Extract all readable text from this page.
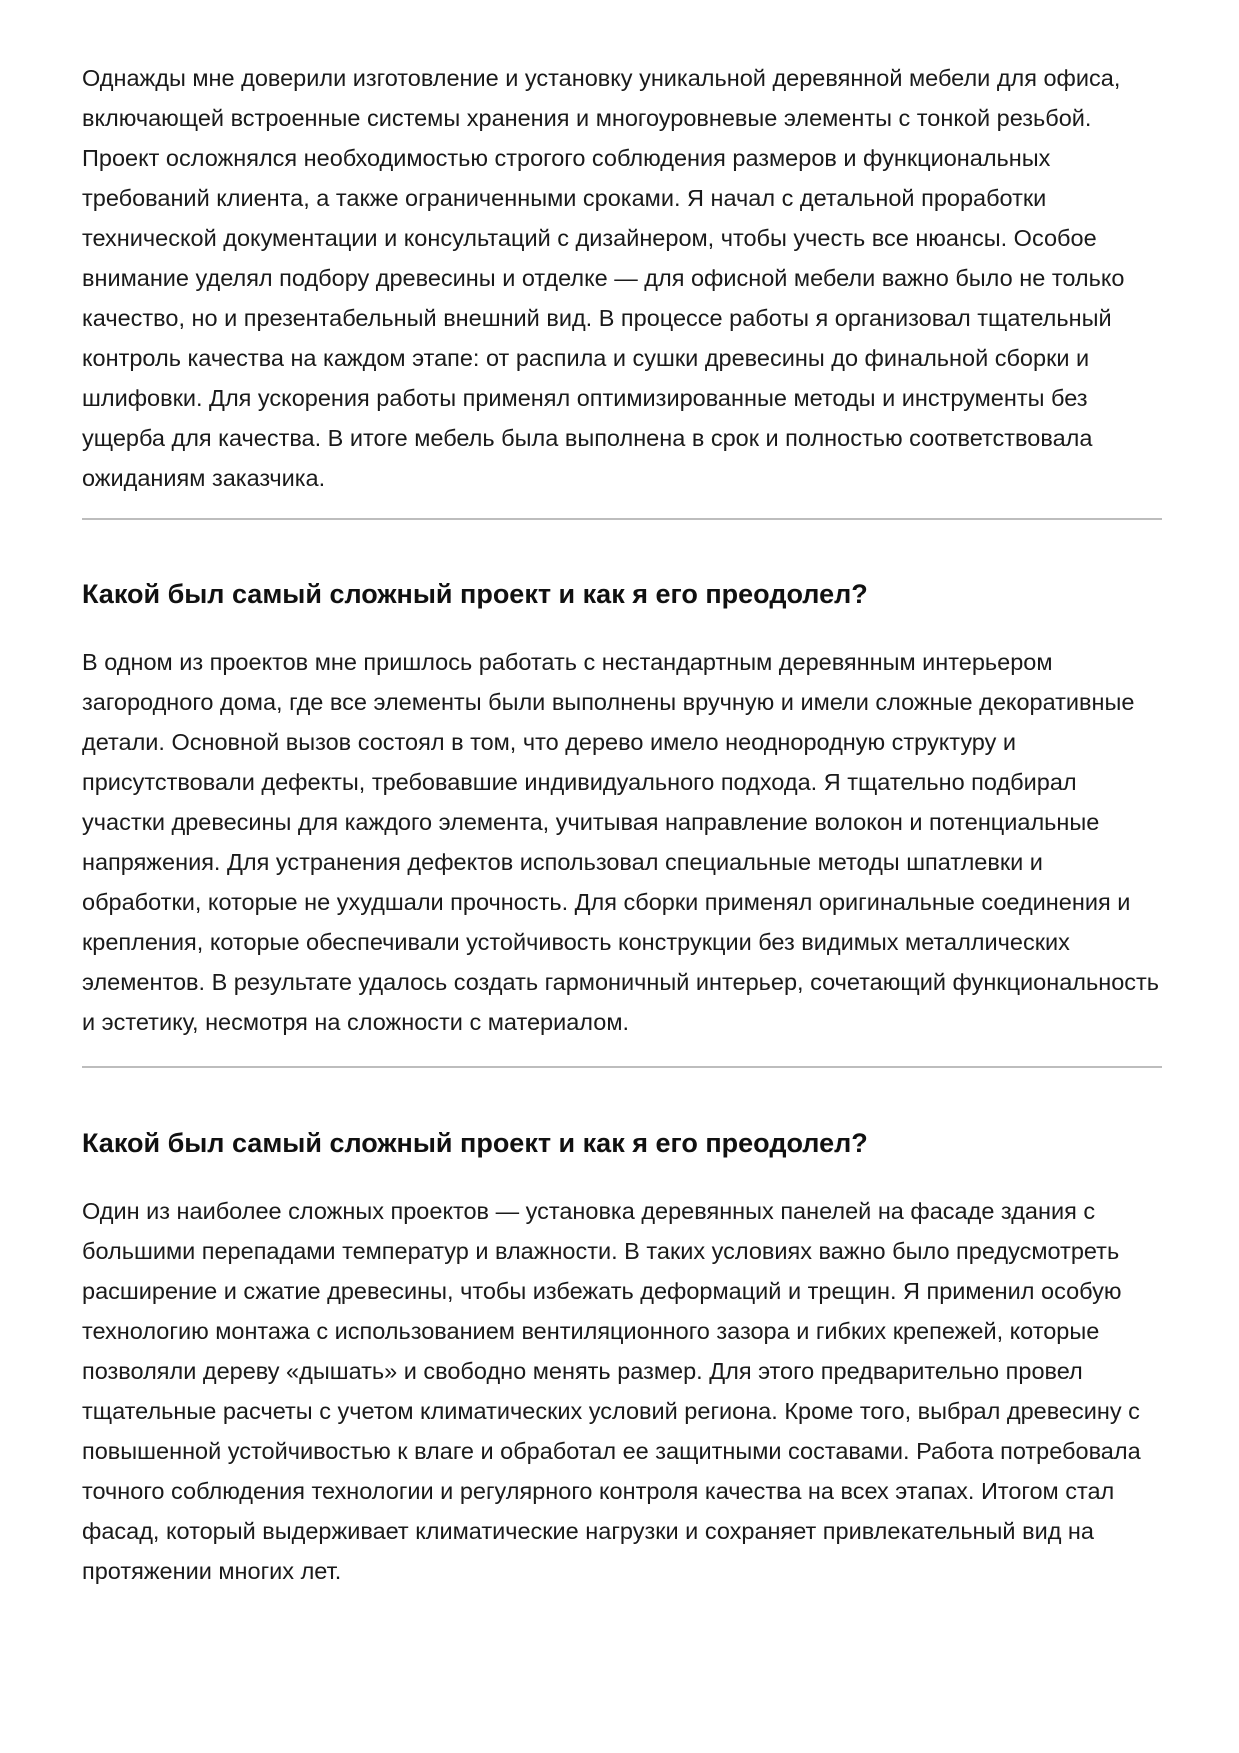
Однажды мне доверили изготовление и установку уникальной деревянной мебели для офиса, включающей встроенные системы хранения и многоуровневые элементы с тонкой резьбой. Проект осложнялся необходимостью строгого соблюдения размеров и функциональных требований клиента, а также ограниченными сроками. Я начал с детальной проработки технической документации и консультаций с дизайнером, чтобы учесть все нюансы. Особое внимание уделял подбору древесины и отделке — для офисной мебели важно было не только качество, но и презентабельный внешний вид. В процессе работы я организовал тщательный контроль качества на каждом этапе: от распила и сушки древесины до финальной сборки и шлифовки. Для ускорения работы применял оптимизированные методы и инструменты без ущерба для качества. В итоге мебель была выполнена в срок и полностью соответствовала ожиданиям заказчика.

Какой был самый сложный проект и как я его преодолел?

В одном из проектов мне пришлось работать с нестандартным деревянным интерьером загородного дома, где все элементы были выполнены вручную и имели сложные декоративные детали. Основной вызов состоял в том, что дерево имело неоднородную структуру и присутствовали дефекты, требовавшие индивидуального подхода. Я тщательно подбирал участки древесины для каждого элемента, учитывая направление волокон и потенциальные напряжения. Для устранения дефектов использовал специальные методы шпатлевки и обработки, которые не ухудшали прочность. Для сборки применял оригинальные соединения и крепления, которые обеспечивали устойчивость конструкции без видимых металлических элементов. В результате удалось создать гармоничный интерьер, сочетающий функциональность и эстетику, несмотря на сложности с материалом.

Какой был самый сложный проект и как я его преодолел?

Один из наиболее сложных проектов — установка деревянных панелей на фасаде здания с большими перепадами температур и влажности. В таких условиях важно было предусмотреть расширение и сжатие древесины, чтобы избежать деформаций и трещин. Я применил особую технологию монтажа с использованием вентиляционного зазора и гибких крепежей, которые позволяли дереву «дышать» и свободно менять размер. Для этого предварительно провел тщательные расчеты с учетом климатических условий региона. Кроме того, выбрал древесину с повышенной устойчивостью к влаге и обработал ее защитными составами. Работа потребовала точного соблюдения технологии и регулярного контроля качества на всех этапах. Итогом стал фасад, который выдерживает климатические нагрузки и сохраняет привлекательный вид на протяжении многих лет.
